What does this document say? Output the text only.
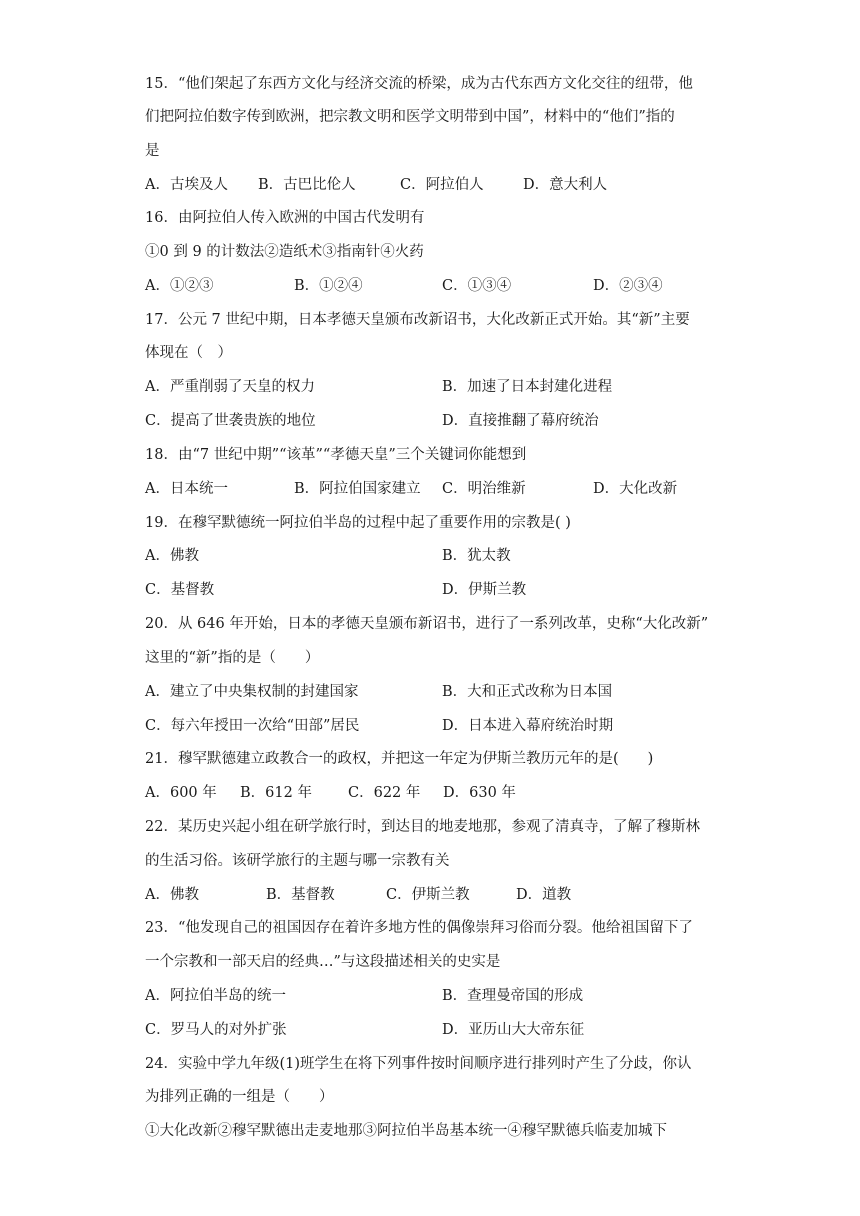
15．“他们架起了东西方文化与经济交流的桥梁，成为古代东西方文化交往的纽带，他
们把阿拉伯数字传到欧洲，把宗教文明和医学文明带到中国”，材料中的“他们”指的
是
A．古埃及人 B．古巴比伦人	C．阿拉伯人	D．意大利人
16．由阿拉伯人传入欧洲的中国古代发明有
①0 到 9 的计数法②造纸术③指南针④火药
A．①②③	B．①②④	C．①③④	D．②③④
17．公元 7 世纪中期，日本孝德天皇颁布改新诏书，大化改新正式开始。其“新”主要
体现在（　）
A．严重削弱了天皇的权力	B．加速了日本封建化进程
C．提高了世袭贵族的地位	D．直接推翻了幕府统治
18．由“7 世纪中期”“该革”“孝德天皇”三个关键词你能想到
A．日本统一	B．阿拉伯国家建立 C．明治维新	D．大化改新
19．在穆罕默德统一阿拉伯半岛的过程中起了重要作用的宗教是( )
A．佛教	B．犹太教
C．基督教	D．伊斯兰教
20．从 646 年开始，日本的孝德天皇颁布新诏书，进行了一系列改革，史称“大化改新”
这里的“新”指的是（　　）
A．建立了中央集权制的封建国家	B．大和正式改称为日本国
C．每六年授田一次给“田部”居民	D．日本进入幕府统治时期
21．穆罕默德建立政教合一的政权，并把这一年定为伊斯兰教历元年的是(　　)
A．600 年 B．612 年 C．622 年 D．630 年
22．某历史兴起小组在研学旅行时，到达目的地麦地那，参观了清真寺，了解了穆斯林
的生活习俗。该研学旅行的主题与哪一宗教有关
A．佛教	B．基督教	C．伊斯兰教	D．道教
23．“他发现自己的祖国因存在着许多地方性的偶像崇拜习俗而分裂。他给祖国留下了
一个宗教和一部天启的经典…”与这段描述相关的史实是
A．阿拉伯半岛的统一	B．查理曼帝国的形成
C．罗马人的对外扩张	D．亚历山大大帝东征
24．实验中学九年级(1)班学生在将下列事件按时间顺序进行排列时产生了分歧，你认
为排列正确的一组是（　　）
①大化改新②穆罕默德出走麦地那③阿拉伯半岛基本统一④穆罕默德兵临麦加城下
